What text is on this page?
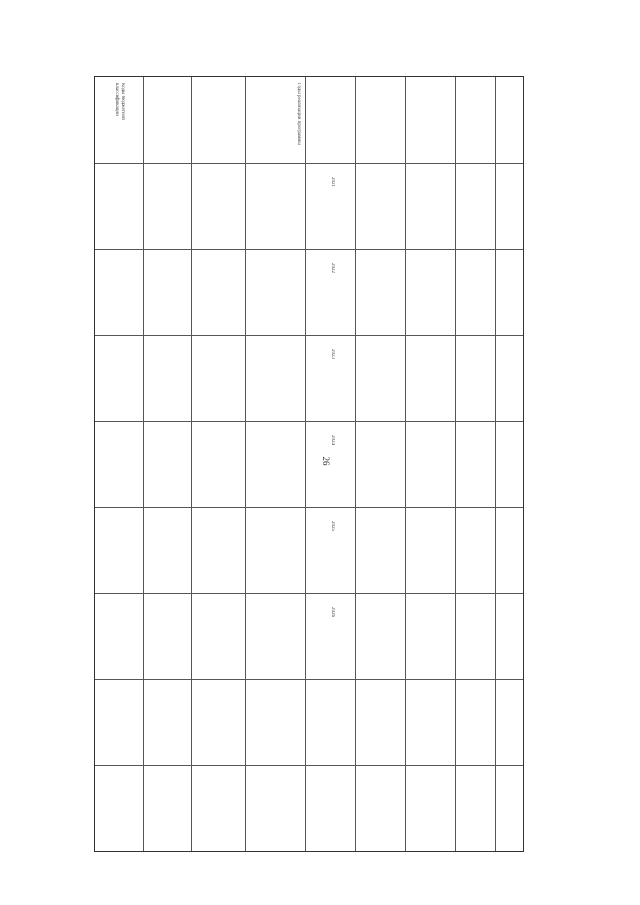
26
Коды бюджетной классификации	Годы реализации программы
2021
2022
2023
2024
2025
2026
